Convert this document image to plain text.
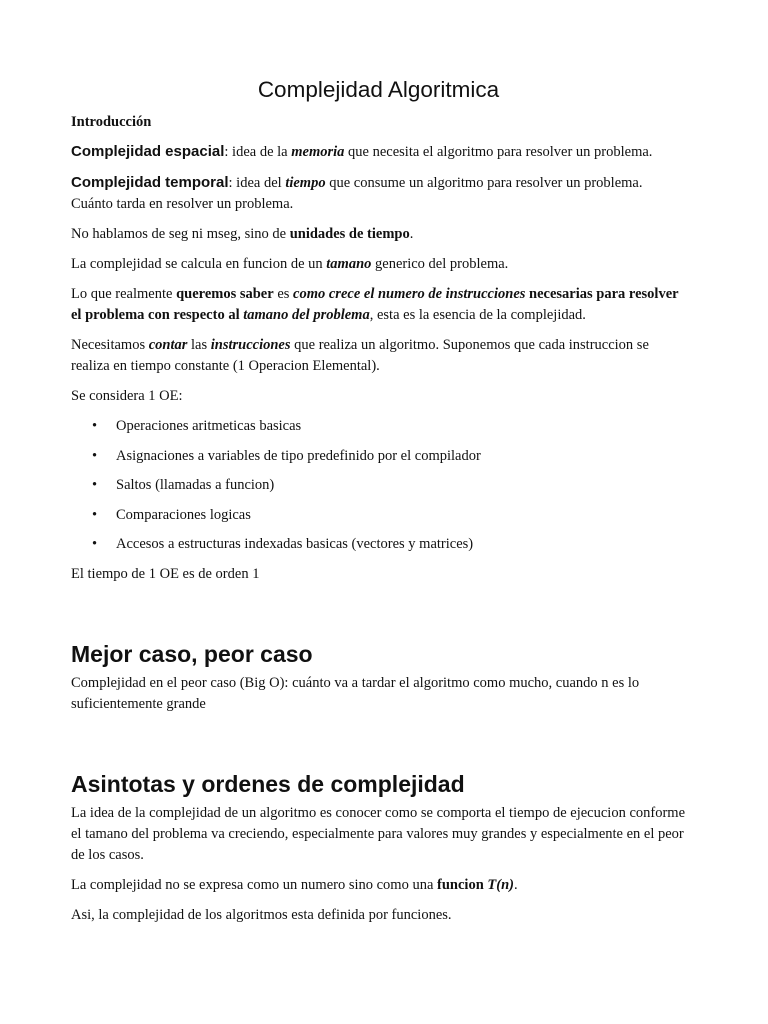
Complejidad Algoritmica

Introducción

Complejidad espacial: idea de la memoria que necesita el algoritmo para resolver un problema.

Complejidad temporal: idea del tiempo que consume un algoritmo para resolver un problema. Cuánto tarda en resolver un problema.

No hablamos de seg ni mseg, sino de unidades de tiempo.

La complejidad se calcula en funcion de un tamano generico del problema.

Lo que realmente queremos saber es como crece el numero de instrucciones necesarias para resolver el problema con respecto al tamano del problema, esta es la esencia de la complejidad.

Necesitamos contar las instrucciones que realiza un algoritmo. Suponemos que cada instruccion se realiza en tiempo constante (1 Operacion Elemental).

Se considera 1 OE:

• Operaciones aritmeticas basicas
• Asignaciones a variables de tipo predefinido por el compilador
• Saltos (llamadas a funcion)
• Comparaciones logicas
• Accesos a estructuras indexadas basicas (vectores y matrices)

El tiempo de 1 OE es de orden 1

Mejor caso, peor caso

Complejidad en el peor caso (Big O): cuánto va a tardar el algoritmo como mucho, cuando n es lo suficientemente grande

Asintotas y ordenes de complejidad

La idea de la complejidad de un algoritmo es conocer como se comporta el tiempo de ejecucion conforme el tamano del problema va creciendo, especialmente para valores muy grandes y especialmente en el peor de los casos.

La complejidad no se expresa como un numero sino como una funcion T(n).

Asi, la complejidad de los algoritmos esta definida por funciones.
